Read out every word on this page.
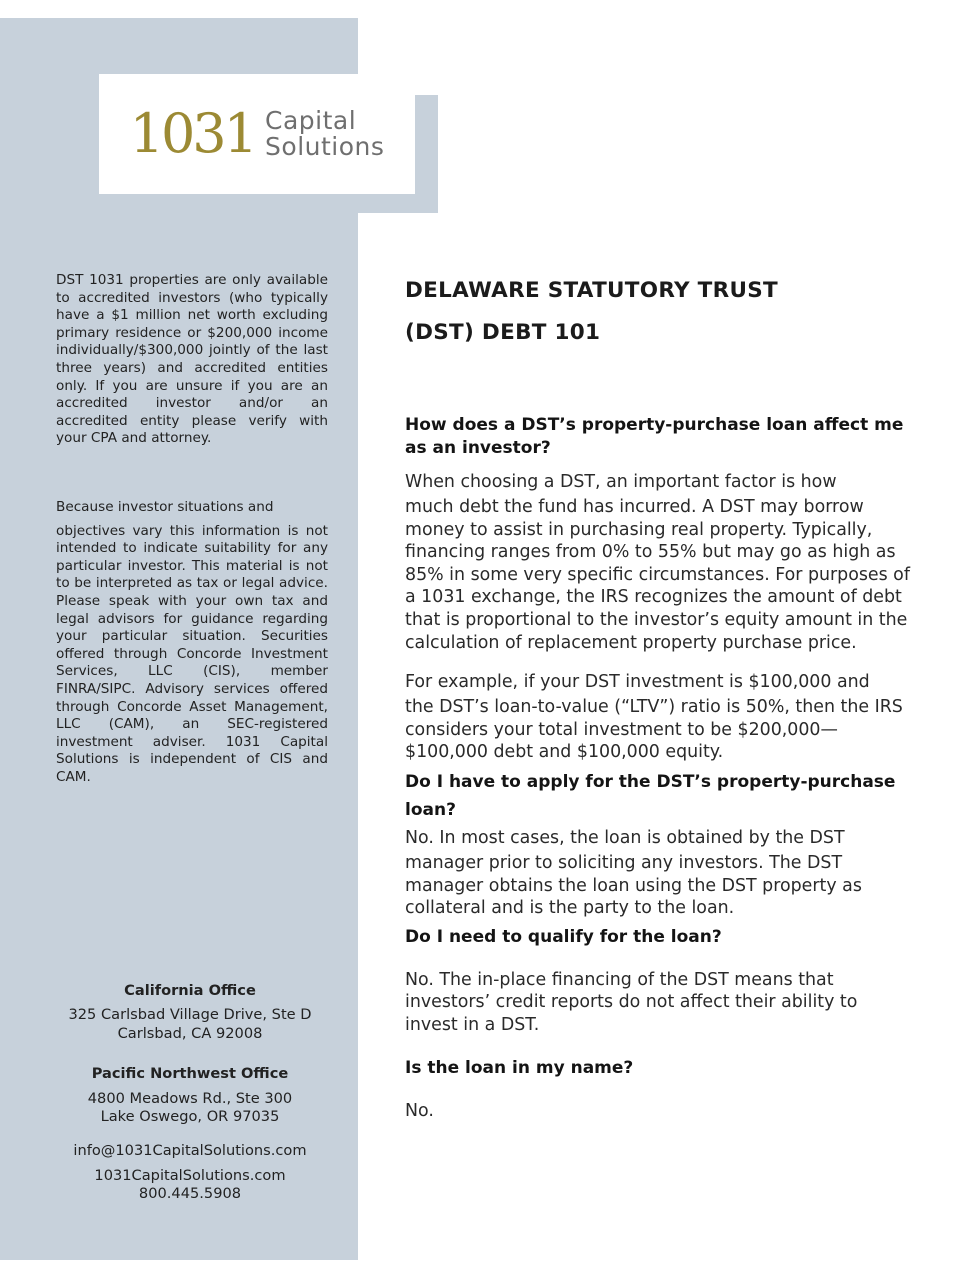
1031 Capital
Solutions

DST 1031 properties are only available to accredited investors (who typically have a $1 million net worth excluding primary residence or $200,000 income individually/$300,000 jointly of the last three years) and accredited entities only. If you are unsure if you are an accredited investor and/or an accredited entity please verify with your CPA and attorney.

Because investor situations and

objectives vary this information is not intended to indicate suitability for any particular investor. This material is not to be interpreted as tax or legal advice. Please speak with your own tax and legal advisors for guidance regarding your particular situation. Securities offered through Concorde Investment Services, LLC (CIS), member FINRA/SIPC. Advisory services offered through Concorde Asset Management, LLC (CAM), an SEC-registered investment adviser. 1031 Capital Solutions is independent of CIS and CAM.

California Office
325 Carlsbad Village Drive, Ste D
Carlsbad, CA 92008
Pacific Northwest Office
4800 Meadows Rd., Ste 300
Lake Oswego, OR 97035
info@1031CapitalSolutions.com
1031CapitalSolutions.com
800.445.5908
DELAWARE STATUTORY TRUST
(DST) DEBT 101

How does a DST’s property-purchase loan affect me as an investor?

When choosing a DST, an important factor is how
much debt the fund has incurred. A DST may borrow money to assist in purchasing real property. Typically, financing ranges from 0% to 55% but may go as high as 85% in some very specific circumstances. For purposes of a 1031 exchange, the IRS recognizes the amount of debt that is proportional to the investor’s equity amount in the calculation of replacement property purchase price.

For example, if your DST investment is $100,000 and
the DST’s loan-to-value (“LTV”) ratio is 50%, then the IRS considers your total investment to be $200,000—$100,000 debt and $100,000 equity.

Do I have to apply for the DST’s property-purchase
loan?

No. In most cases, the loan is obtained by the DST
manager prior to soliciting any investors. The DST manager obtains the loan using the DST property as collateral and is the party to the loan.

Do I need to qualify for the loan?

No. The in-place financing of the DST means that investors’ credit reports do not affect their ability to invest in a DST.

Is the loan in my name?

No.
